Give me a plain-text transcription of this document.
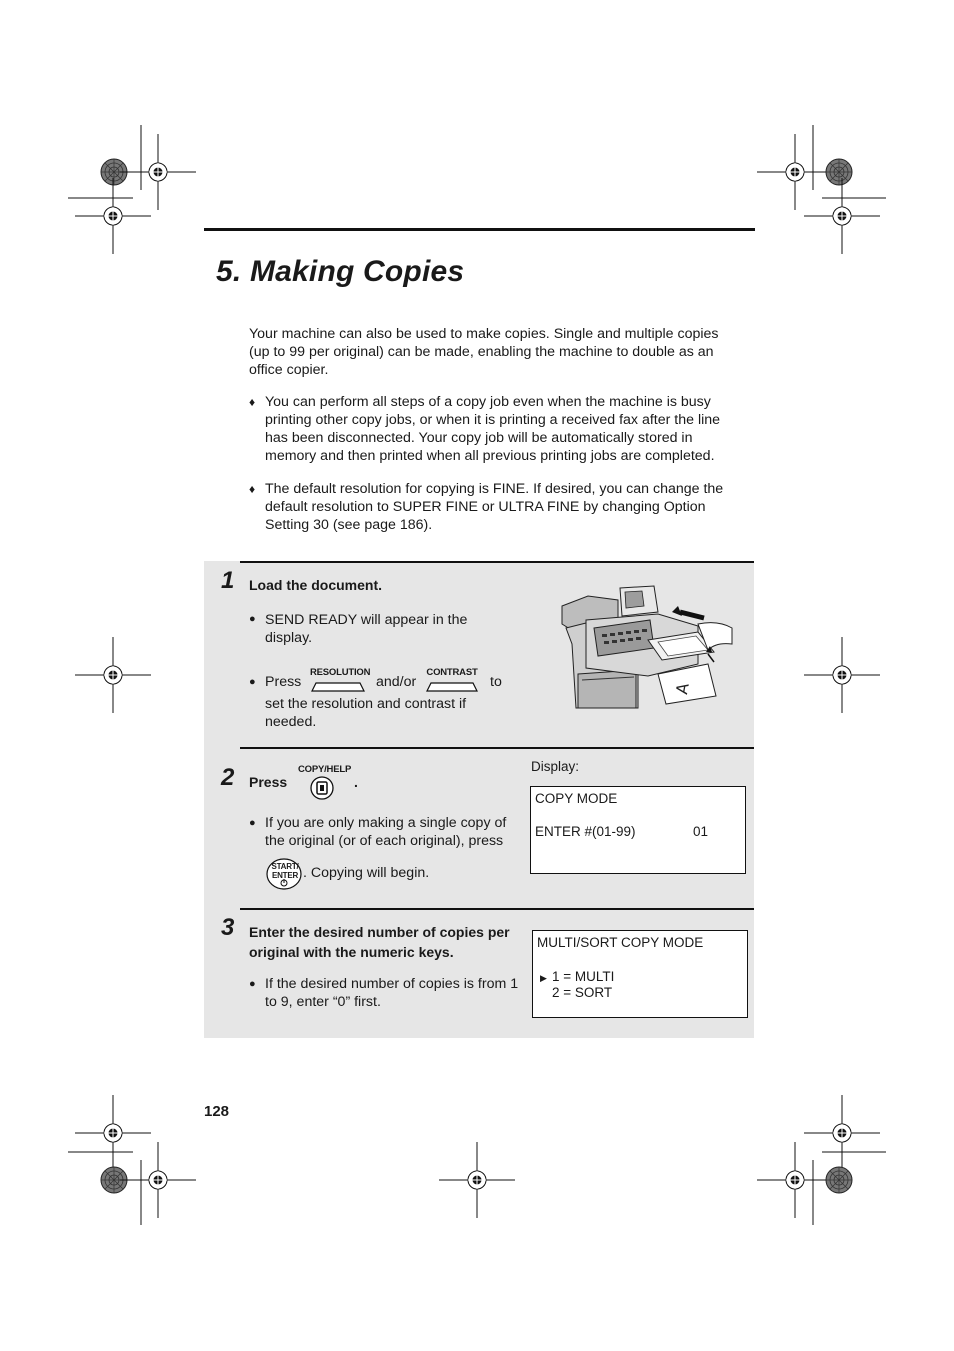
5. Making Copies
Your machine can also be used to make copies. Single and multiple copies (up to 99 per original) can be made, enabling the machine to double as an office copier.
♦ You can perform all steps of a copy job even when the machine is busy printing other copy jobs, or when it is printing a received fax after the line has been disconnected. Your copy job will be automatically stored in memory and then printed when all previous printing jobs are completed.
♦ The default resolution for copying is FINE. If desired, you can change the default resolution to SUPER FINE or ULTRA FINE by changing Option Setting 30 (see page 186).
1 Load the document.
● SEND READY will appear in the display.
● Press
RESOLUTION
and/or
CONTRAST
to
set the resolution and contrast if needed.
A
2 Press
COPY/HELP
.
● If you are only making a single copy of the original (or of each original), press
START/
ENTER . Copying will begin.
Display:
COPY MODE
ENTER #(01-99)	01
3 Enter the desired number of copies per original with the numeric keys.
● If the desired number of copies is from 1 to 9, enter “0” first.
MULTI/SORT COPY MODE
▶ 1 = MULTI
2 = SORT
128
